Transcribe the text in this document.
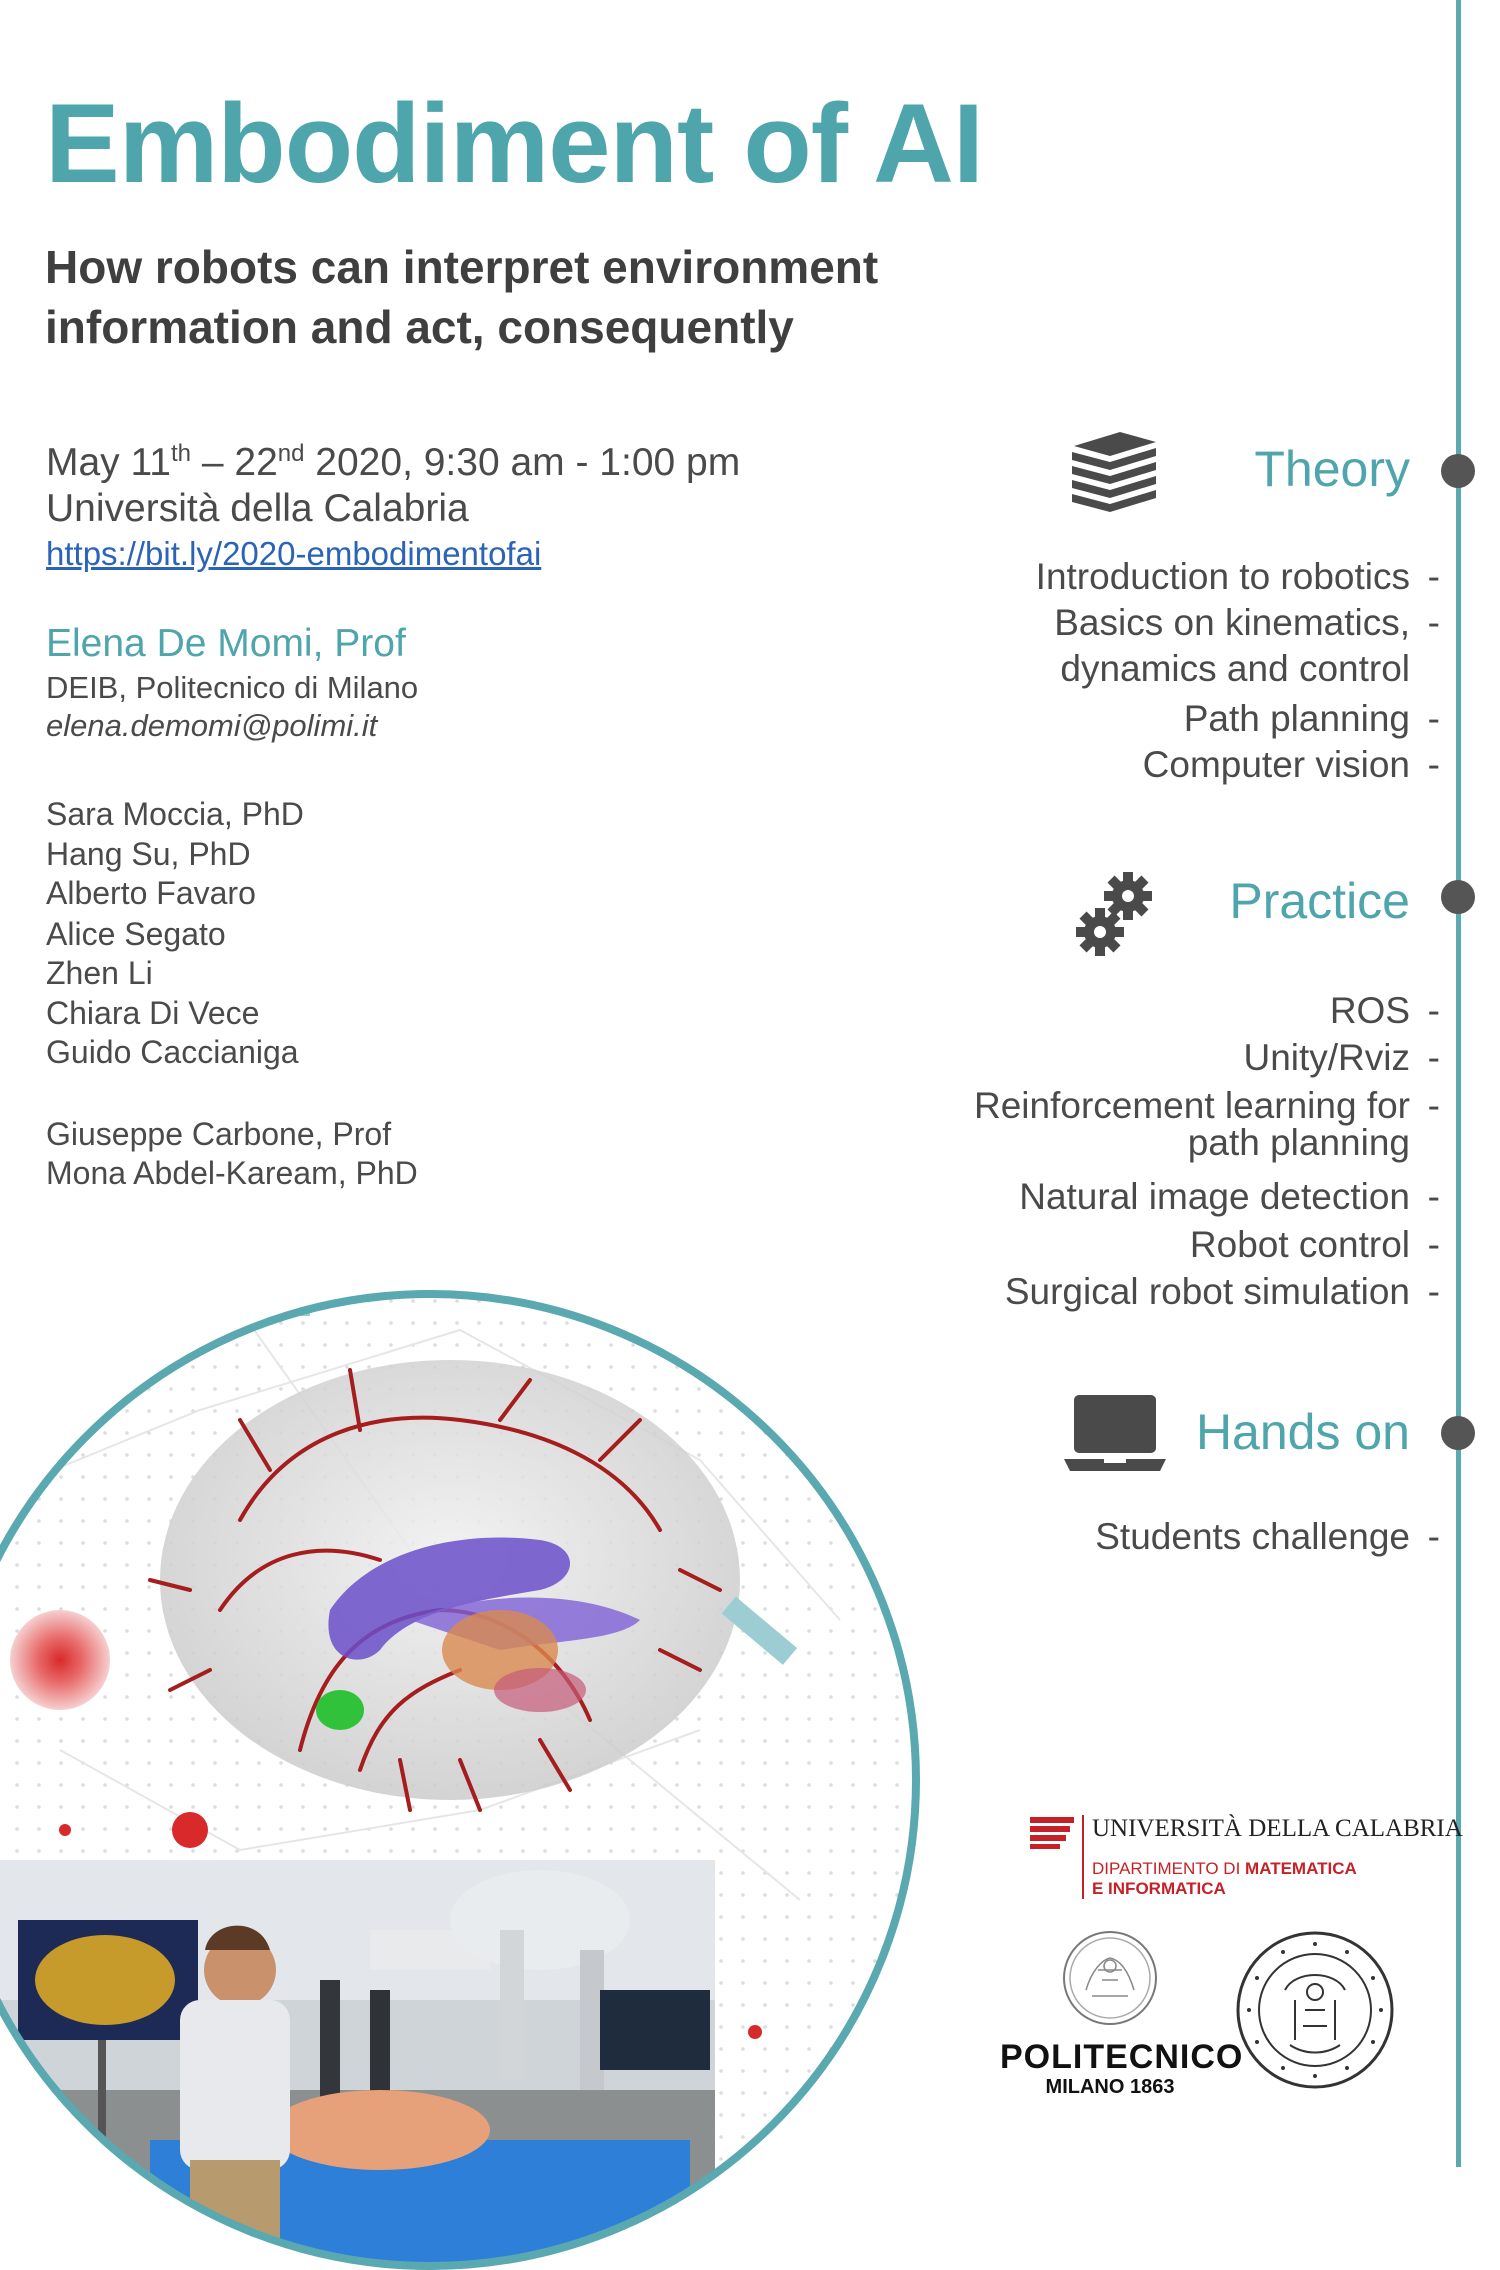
Embodiment of AI
How robots can interpret environment
information and act, consequently
May 11th – 22nd 2020, 9:30 am - 1:00 pm
Università della Calabria
https://bit.ly/2020-embodimentofai
Elena De Momi, Prof
DEIB, Politecnico di Milano
elena.demomi@polimi.it
Sara Moccia, PhD
Hang Su, PhD
Alberto Favaro
Alice Segato
Zhen Li
Chiara Di Vece
Guido Caccianiga
Giuseppe Carbone, Prof
Mona Abdel-Kaream, PhD
Theory
Introduction to robotics -
Basics on kinematics, -
dynamics and control
Path planning -
Computer vision -
Practice
ROS -
Unity/Rviz -
Reinforcement learning for -
path planning
Natural image detection -
Robot control -
Surgical robot simulation -
Hands on
Students challenge -
UNIVERSITÀ DELLA CALABRIA
DIPARTIMENTO DI MATEMATICA
E INFORMATICA
POLITECNICO
MILANO 1863
